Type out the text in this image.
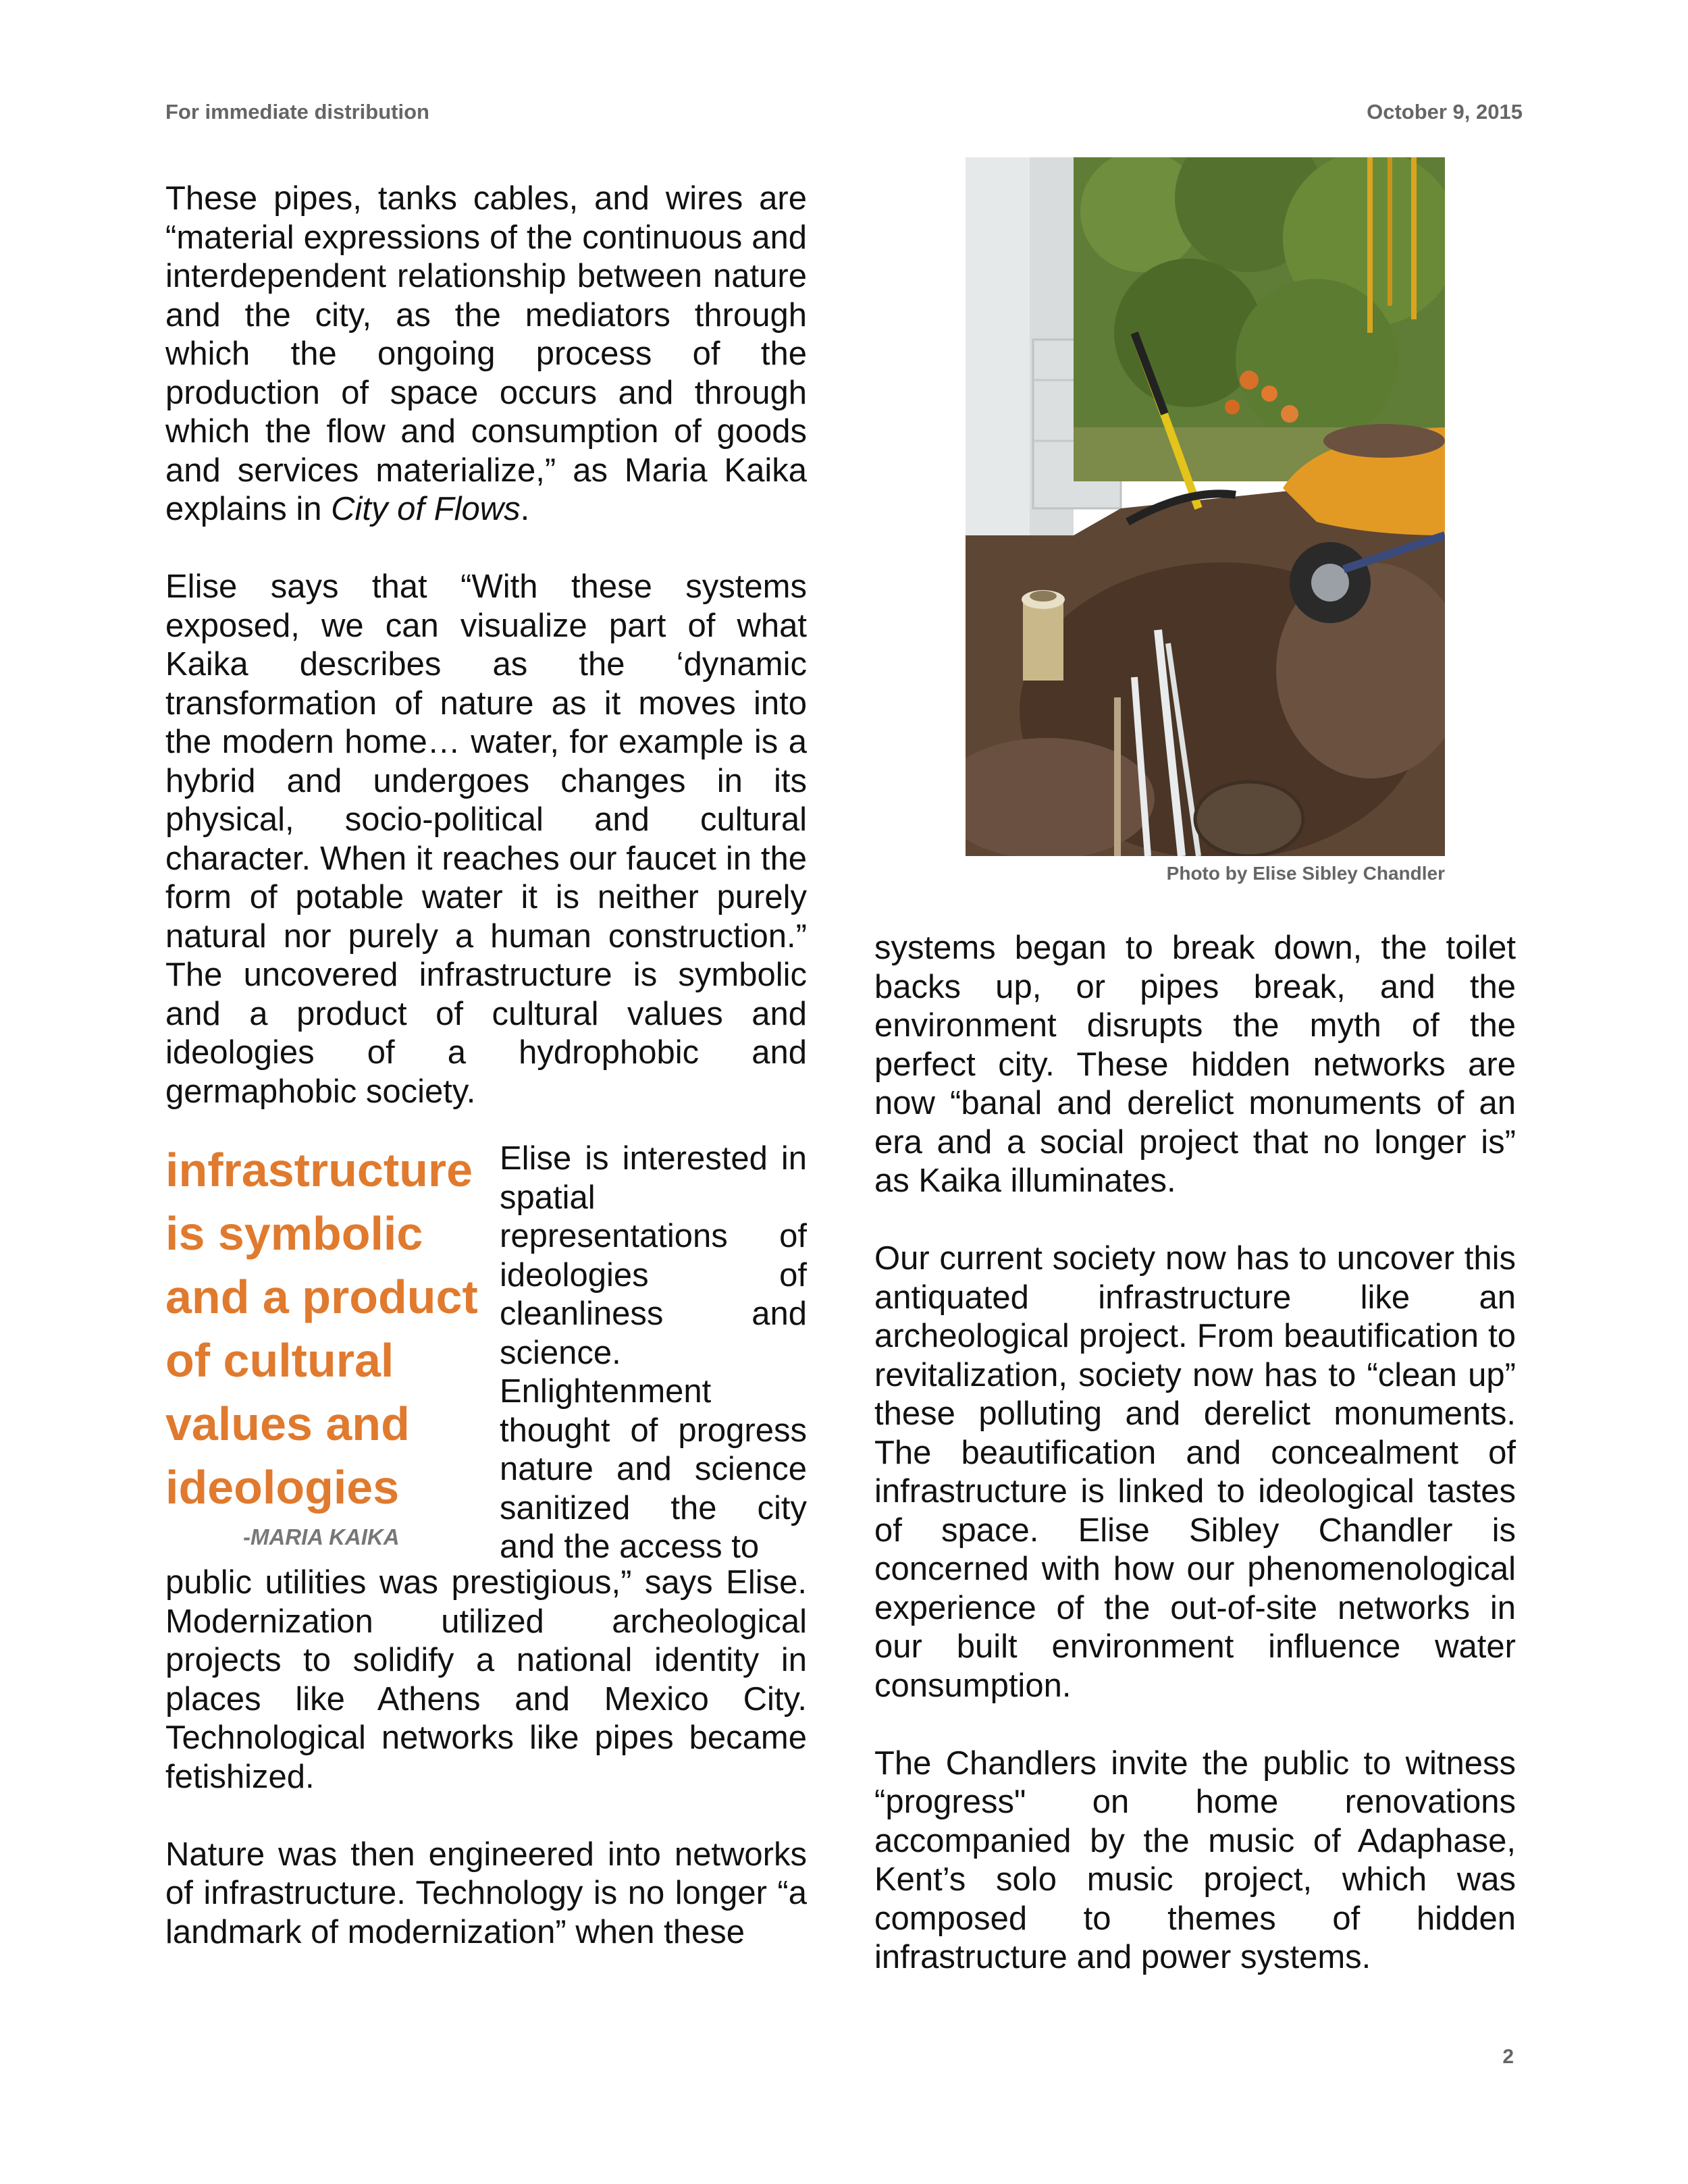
For immediate distribution	October 9, 2015

These pipes, tanks cables, and wires are “material expressions of the continuous and interdependent relationship between nature and the city, as the mediators through which the ongoing process of the production of space occurs and through which the flow and consumption of goods and services materialize,” as Maria Kaika explains in City of Flows.

Elise says that “With these systems exposed, we can visualize part of what Kaika describes as the ‘dynamic transformation of nature as it moves into the modern home… water, for example is a hybrid and undergoes changes in its physical, socio-political and cultural character. When it reaches our faucet in the form of potable water it is neither purely natural nor purely a human construction.” The uncovered infrastructure is symbolic and a product of cultural values and ideologies of a hydrophobic and germaphobic society.

infrastructure is symbolic and a product of cultural values and ideologies
-MARIA KAIKA

Elise is interested in spatial representations of ideologies of cleanliness and science. Enlightenment thought of progress nature and science sanitized the city and the access to

public utilities was prestigious,” says Elise. Modernization utilized archeological projects to solidify a national identity in places like Athens and Mexico City. Technological networks like pipes became fetishized.

Nature was then engineered into networks of infrastructure. Technology is no longer “a landmark of modernization” when these

Photo by Elise Sibley Chandler

systems began to break down, the toilet backs up, or pipes break, and the environment disrupts the myth of the perfect city. These hidden networks are now “banal and derelict monuments of an era and a social project that no longer is” as Kaika illuminates.

Our current society now has to uncover this antiquated infrastructure like an archeological project. From beautification to revitalization, society now has to “clean up” these polluting and derelict monuments. The beautification and concealment of infrastructure is linked to ideological tastes of space. Elise Sibley Chandler is concerned with how our phenomenological experience of the out-of-site networks in our built environment influence water consumption.

The Chandlers invite the public to witness “progress" on home renovations accompanied by the music of Adaphase, Kent’s solo music project, which was composed to themes of hidden infrastructure and power systems.

2
